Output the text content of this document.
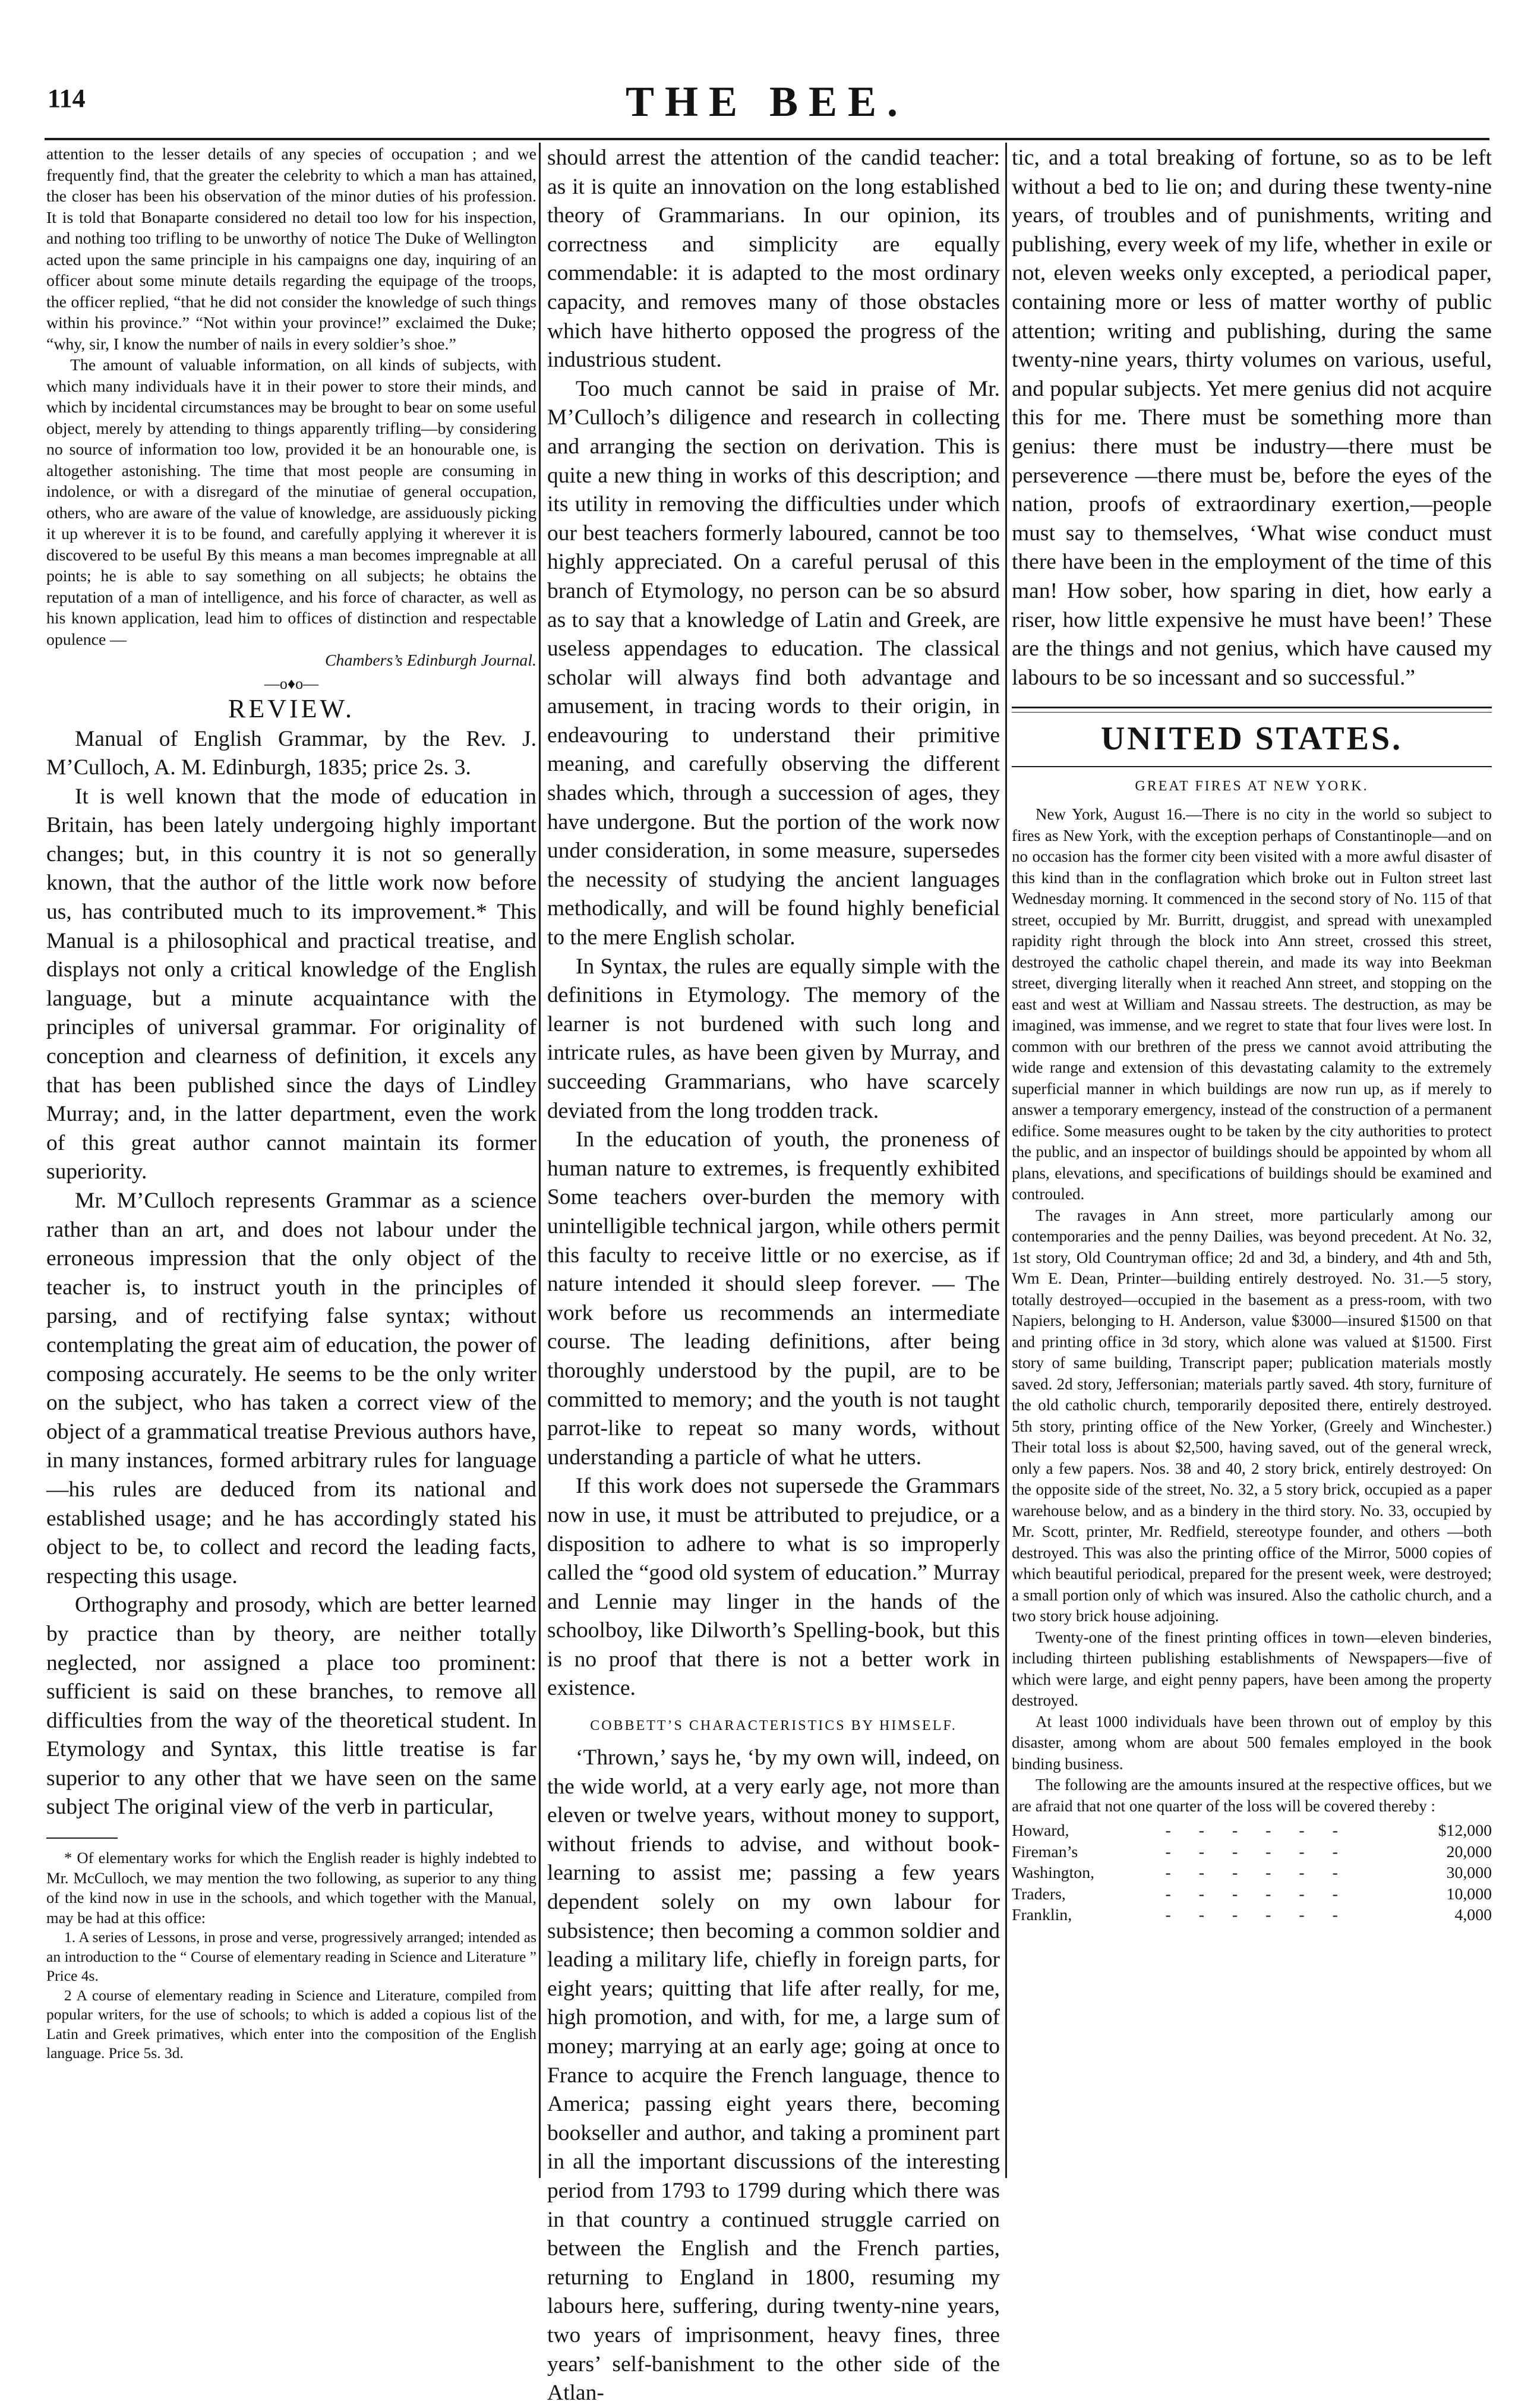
114	THE BEE.

attention to the lesser details of any species of occupation ; and we frequently find, that the greater the celebrity to which a man has attained, the closer has been his observation of the minor duties of his profession. It is told that Bonaparte considered no detail too low for his inspection, and nothing too trifling to be unworthy of notice The Duke of Wellington acted upon the same principle in his campaigns one day, inquiring of an officer about some minute details regarding the equipage of the troops, the officer replied, “that he did not consider the knowledge of such things within his province.” “Not within your province!” exclaimed the Duke; “why, sir, I know the number of nails in every soldier’s shoe.”

The amount of valuable information, on all kinds of subjects, with which many individuals have it in their power to store their minds, and which by incidental circumstances may be brought to bear on some useful object, merely by attending to things apparently trifling—by considering no source of information too low, provided it be an honourable one, is altogether astonishing. The time that most people are consuming in indolence, or with a disregard of the minutiae of general occupation, others, who are aware of the value of knowledge, are assiduously picking it up wherever it is to be found, and carefully applying it wherever it is discovered to be useful By this means a man becomes impregnable at all points; he is able to say something on all subjects; he obtains the reputation of a man of intelligence, and his force of character, as well as his known application, lead him to offices of distinction and respectable opulence —

Chambers’s Edinburgh Journal.

—o♦o—
REVIEW.

Manual of English Grammar, by the Rev. J. M’Culloch, A. M. Edinburgh, 1835; price 2s. 3.

It is well known that the mode of education in Britain, has been lately undergoing highly important changes; but, in this country it is not so generally known, that the author of the little work now before us, has contributed much to its improvement.* This Manual is a philosophical and practical treatise, and displays not only a critical knowledge of the English language, but a minute acquaintance with the principles of universal grammar. For originality of conception and clearness of definition, it excels any that has been published since the days of Lindley Murray; and, in the latter department, even the work of this great author cannot maintain its former superiority.

Mr. M’Culloch represents Grammar as a science rather than an art, and does not labour under the erroneous impression that the only object of the teacher is, to instruct youth in the principles of parsing, and of rectifying false syntax; without contemplating the great aim of education, the power of composing accurately. He seems to be the only writer on the subject, who has taken a correct view of the object of a grammatical treatise Previous authors have, in many instances, formed arbitrary rules for language—his rules are deduced from its national and established usage; and he has accordingly stated his object to be, to collect and record the leading facts, respecting this usage.

Orthography and prosody, which are better learned by practice than by theory, are neither totally neglected, nor assigned a place too prominent: sufficient is said on these branches, to remove all difficulties from the way of the theoretical student. In Etymology and Syntax, this little treatise is far superior to any other that we have seen on the same subject The original view of the verb in particular,

* Of elementary works for which the English reader is highly indebted to Mr. McCulloch, we may mention the two following, as superior to any thing of the kind now in use in the schools, and which together with the Manual, may be had at this office:

1. A series of Lessons, in prose and verse, progressively arranged; intended as an introduction to the “ Course of elementary reading in Science and Literature ” Price 4s.

2 A course of elementary reading in Science and Literature, compiled from popular writers, for the use of schools; to which is added a copious list of the Latin and Greek primatives, which enter into the composition of the English language. Price 5s. 3d.

should arrest the attention of the candid teacher: as it is quite an innovation on the long established theory of Grammarians. In our opinion, its correctness and simplicity are equally commendable: it is adapted to the most ordinary capacity, and removes many of those obstacles which have hitherto opposed the progress of the industrious student.

Too much cannot be said in praise of Mr. M’Culloch’s diligence and research in collecting and arranging the section on derivation. This is quite a new thing in works of this description; and its utility in removing the difficulties under which our best teachers formerly laboured, cannot be too highly appreciated. On a careful perusal of this branch of Etymology, no person can be so absurd as to say that a knowledge of Latin and Greek, are useless appendages to education. The classical scholar will always find both advantage and amusement, in tracing words to their origin, in endeavouring to understand their primitive meaning, and carefully observing the different shades which, through a succession of ages, they have undergone. But the portion of the work now under consideration, in some measure, supersedes the necessity of studying the ancient languages methodically, and will be found highly beneficial to the mere English scholar.

In Syntax, the rules are equally simple with the definitions in Etymology. The memory of the learner is not burdened with such long and intricate rules, as have been given by Murray, and succeeding Grammarians, who have scarcely deviated from the long trodden track.

In the education of youth, the proneness of human nature to extremes, is frequently exhibited Some teachers over-burden the memory with unintelligible technical jargon, while others permit this faculty to receive little or no exercise, as if nature intended it should sleep forever. — The work before us recommends an intermediate course. The leading definitions, after being thoroughly understood by the pupil, are to be committed to memory; and the youth is not taught parrot-like to repeat so many words, without understanding a particle of what he utters.

If this work does not supersede the Grammars now in use, it must be attributed to prejudice, or a disposition to adhere to what is so improperly called the “good old system of education.” Murray and Lennie may linger in the hands of the schoolboy, like Dilworth’s Spelling-book, but this is no proof that there is not a better work in existence.

COBBETT’S CHARACTERISTICS BY HIMSELF.

‘Thrown,’ says he, ‘by my own will, indeed, on the wide world, at a very early age, not more than eleven or twelve years, without money to support, without friends to advise, and without book-learning to assist me; passing a few years dependent solely on my own labour for subsistence; then becoming a common soldier and leading a military life, chiefly in foreign parts, for eight years; quitting that life after really, for me, high promotion, and with, for me, a large sum of money; marrying at an early age; going at once to France to acquire the French language, thence to America; passing eight years there, becoming bookseller and author, and taking a prominent part in all the important discussions of the interesting period from 1793 to 1799 during which there was in that country a continued struggle carried on between the English and the French parties, returning to England in 1800, resuming my labours here, suffering, during twenty-nine years, two years of imprisonment, heavy fines, three years’ self-banishment to the other side of the Atlan-

tic, and a total breaking of fortune, so as to be left without a bed to lie on; and during these twenty-nine years, of troubles and of punishments, writing and publishing, every week of my life, whether in exile or not, eleven weeks only excepted, a periodical paper, containing more or less of matter worthy of public attention; writing and publishing, during the same twenty-nine years, thirty volumes on various, useful, and popular subjects. Yet mere genius did not acquire this for me. There must be something more than genius: there must be industry—there must be perseverence —there must be, before the eyes of the nation, proofs of extraordinary exertion,—people must say to themselves, ‘What wise conduct must there have been in the employment of the time of this man! How sober, how sparing in diet, how early a riser, how little expensive he must have been!’ These are the things and not genius, which have caused my labours to be so incessant and so successful.”

UNITED STATES.
GREAT FIRES AT NEW YORK.

New York, August 16.—There is no city in the world so subject to fires as New York, with the exception perhaps of Constantinople—and on no occasion has the former city been visited with a more awful disaster of this kind than in the conflagration which broke out in Fulton street last Wednesday morning. It commenced in the second story of No. 115 of that street, occupied by Mr. Burritt, druggist, and spread with unexampled rapidity right through the block into Ann street, crossed this street, destroyed the catholic chapel therein, and made its way into Beekman street, diverging literally when it reached Ann street, and stopping on the east and west at William and Nassau streets. The destruction, as may be imagined, was immense, and we regret to state that four lives were lost. In common with our brethren of the press we cannot avoid attributing the wide range and extension of this devastating calamity to the extremely superficial manner in which buildings are now run up, as if merely to answer a temporary emergency, instead of the construction of a permanent edifice. Some measures ought to be taken by the city authorities to protect the public, and an inspector of buildings should be appointed by whom all plans, elevations, and specifications of buildings should be examined and controuled.

The ravages in Ann street, more particularly among our contemporaries and the penny Dailies, was beyond precedent. At No. 32, 1st story, Old Countryman office; 2d and 3d, a bindery, and 4th and 5th, Wm E. Dean, Printer—building entirely destroyed. No. 31.—5 story, totally destroyed—occupied in the basement as a press-room, with two Napiers, belonging to H. Anderson, value $3000—insured $1500 on that and printing office in 3d story, which alone was valued at $1500. First story of same building, Transcript paper; publication materials mostly saved. 2d story, Jeffersonian; materials partly saved. 4th story, furniture of the old catholic church, temporarily deposited there, entirely destroyed. 5th story, printing office of the New Yorker, (Greely and Winchester.) Their total loss is about $2,500, having saved, out of the general wreck, only a few papers. Nos. 38 and 40, 2 story brick, entirely destroyed: On the opposite side of the street, No. 32, a 5 story brick, occupied as a paper warehouse below, and as a bindery in the third story. No. 33, occupied by Mr. Scott, printer, Mr. Redfield, stereotype founder, and others —both destroyed. This was also the printing office of the Mirror, 5000 copies of which beautiful periodical, prepared for the present week, were destroyed; a small portion only of which was insured. Also the catholic church, and a two story brick house adjoining.

Twenty-one of the finest printing offices in town—eleven binderies, including thirteen publishing establishments of Newspapers—five of which were large, and eight penny papers, have been among the property destroyed.

At least 1000 individuals have been thrown out of employ by this disaster, among whom are about 500 females employed in the book binding business.

The following are the amounts insured at the respective offices, but we are afraid that not one quarter of the loss will be covered thereby :

Howard,	- - - - - -	$12,000
Fireman’s	- - - - - -	20,000
Washington,	- - - - - -	30,000
Traders,	- - - - - -	10,000
Franklin,	- - - - - -	4,000
